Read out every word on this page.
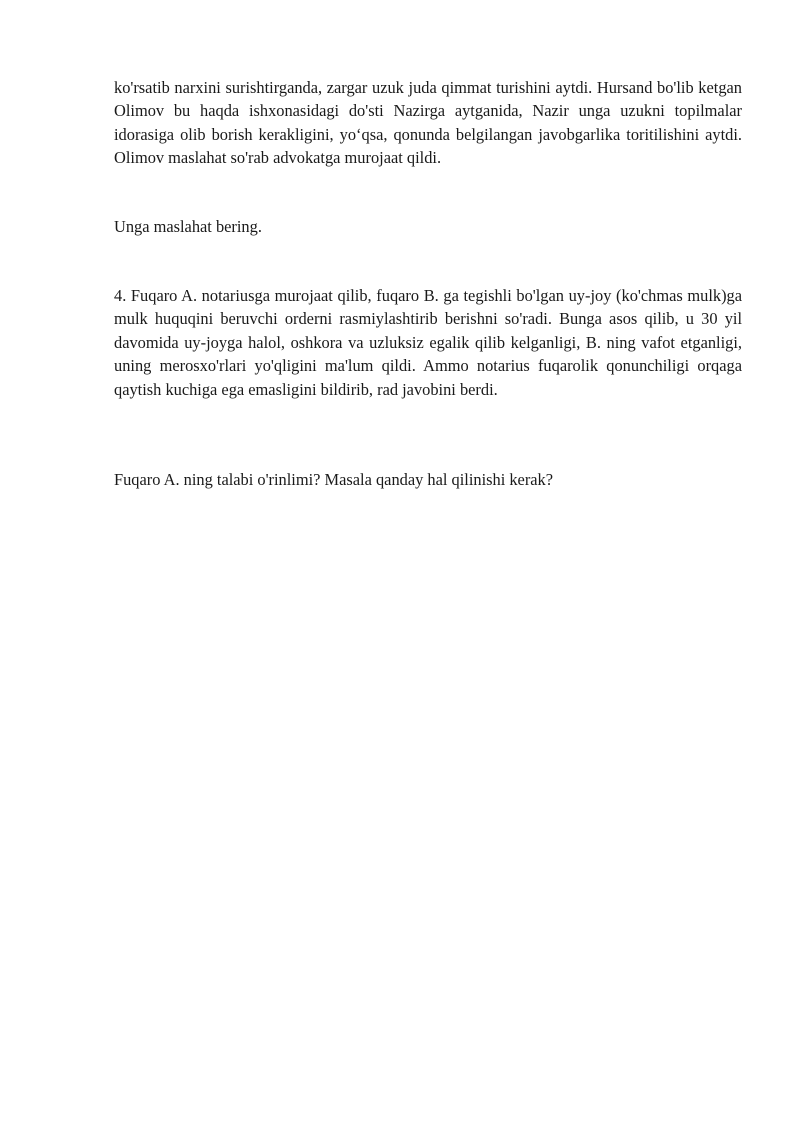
ko'rsatib narxini surishtirganda, zargar uzuk juda qimmat turishini aytdi. Hursand bo'lib ketgan Olimov bu haqda ishxonasidagi do'sti Nazirga aytganida, Nazir unga uzukni topilmalar idorasiga olib borish kerakligini, yo‘qsa, qonunda belgilangan javobgarlika toritilishini aytdi. Olimov maslahat so'rab advokatga murojaat qildi.

Unga maslahat bering.

4. Fuqaro A. notariusga murojaat qilib, fuqaro B. ga tegishli bo'lgan uy-joy (ko'chmas mulk)ga mulk huquqini beruvchi orderni rasmiylashtirib berishni so'radi. Bunga asos qilib, u 30 yil davomida uy-joyga halol, oshkora va uzluksiz egalik qilib kelganligi, B. ning vafot etganligi, uning merosxo'rlari yo'qligini ma'lum qildi. Ammo notarius fuqarolik qonunchiligi orqaga qaytish kuchiga ega emasligini bildirib, rad javobini berdi.

Fuqaro A. ning talabi o'rinlimi? Masala qanday hal qilinishi kerak?
